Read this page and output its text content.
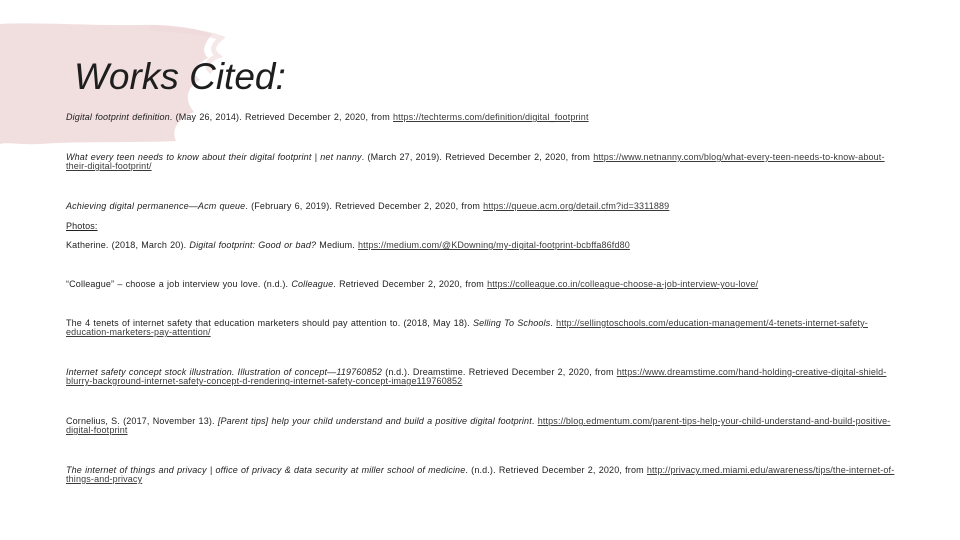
Works Cited:
Digital footprint definition. (May 26, 2014). Retrieved December 2, 2020, from https://techterms.com/definition/digital_footprint
What every teen needs to know about their digital footprint | net nanny. (March 27, 2019). Retrieved December 2, 2020, from https://www.netnanny.com/blog/what-every-teen-needs-to-know-about-their-digital-footprint/
Achieving digital permanence—Acm queue. (February 6, 2019). Retrieved December 2, 2020, from https://queue.acm.org/detail.cfm?id=3311889
Photos:
Katherine. (2018, March 20). Digital footprint: Good or bad? Medium. https://medium.com/@KDowning/my-digital-footprint-bcbffa86fd80
“Colleague” – choose a job interview you love. (n.d.). Colleague. Retrieved December 2, 2020, from https://colleague.co.in/colleague-choose-a-job-interview-you-love/
The 4 tenets of internet safety that education marketers should pay attention to. (2018, May 18). Selling To Schools. http://sellingtoschools.com/education-management/4-tenets-internet-safety-education-marketers-pay-attention/
Internet safety concept stock illustration. Illustration of concept—119760852 (n.d.). Dreamstime. Retrieved December 2, 2020, from https://www.dreamstime.com/hand-holding-creative-digital-shield-blurry-background-internet-safety-concept-d-rendering-internet-safety-concept-image119760852
Cornelius, S. (2017, November 13). [Parent tips] help your child understand and build a positive digital footprint. https://blog.edmentum.com/parent-tips-help-your-child-understand-and-build-positive-digital-footprint
The internet of things and privacy | office of privacy & data security at miller school of medicine. (n.d.). Retrieved December 2, 2020, from http://privacy.med.miami.edu/awareness/tips/the-internet-of-things-and-privacy
